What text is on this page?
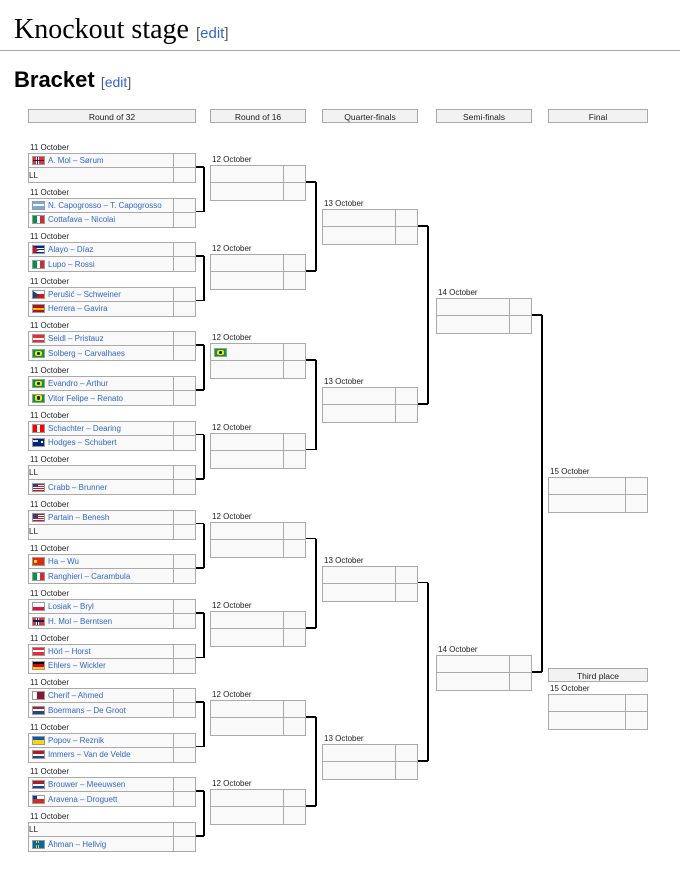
Knockout stage [edit]
Bracket [edit]
Round of 32	Round of 16	Quarter-finals	Semi-finals	Final
11 October
A. Mol – Sørum
LL
11 October
N. Capogrosso – T. Capogrosso
Cottafava – Nicolai
11 October
Alayo – Díaz
Lupo – Rossi
11 October
Perušić – Schweiner
Herrera – Gavira
11 October
Seidl – Pristauz
Solberg – Carvalhaes
11 October
Evandro – Arthur
Vitor Felipe – Renato
11 October
Schachter – Dearing
Hodges – Schubert
11 October
LL
Crabb – Brunner
11 October
Partain – Benesh
LL
11 October
Ha – Wu
Ranghieri – Carambula
11 October
Losiak – Bryl
H. Mol – Berntsen
11 October
Hörl – Horst
Ehlers – Wickler
11 October
Cherif – Ahmed
Boermans – De Groot
11 October
Popov – Reznik
Immers – Van de Velde
11 October
Brouwer – Meeuwsen
Aravena – Droguett
11 October
LL
Åhman – Hellvig
12 October
12 October
12 October
12 October
12 October
12 October
12 October
12 October
13 October
13 October
13 October
13 October
14 October
14 October
15 October
Third place
15 October
